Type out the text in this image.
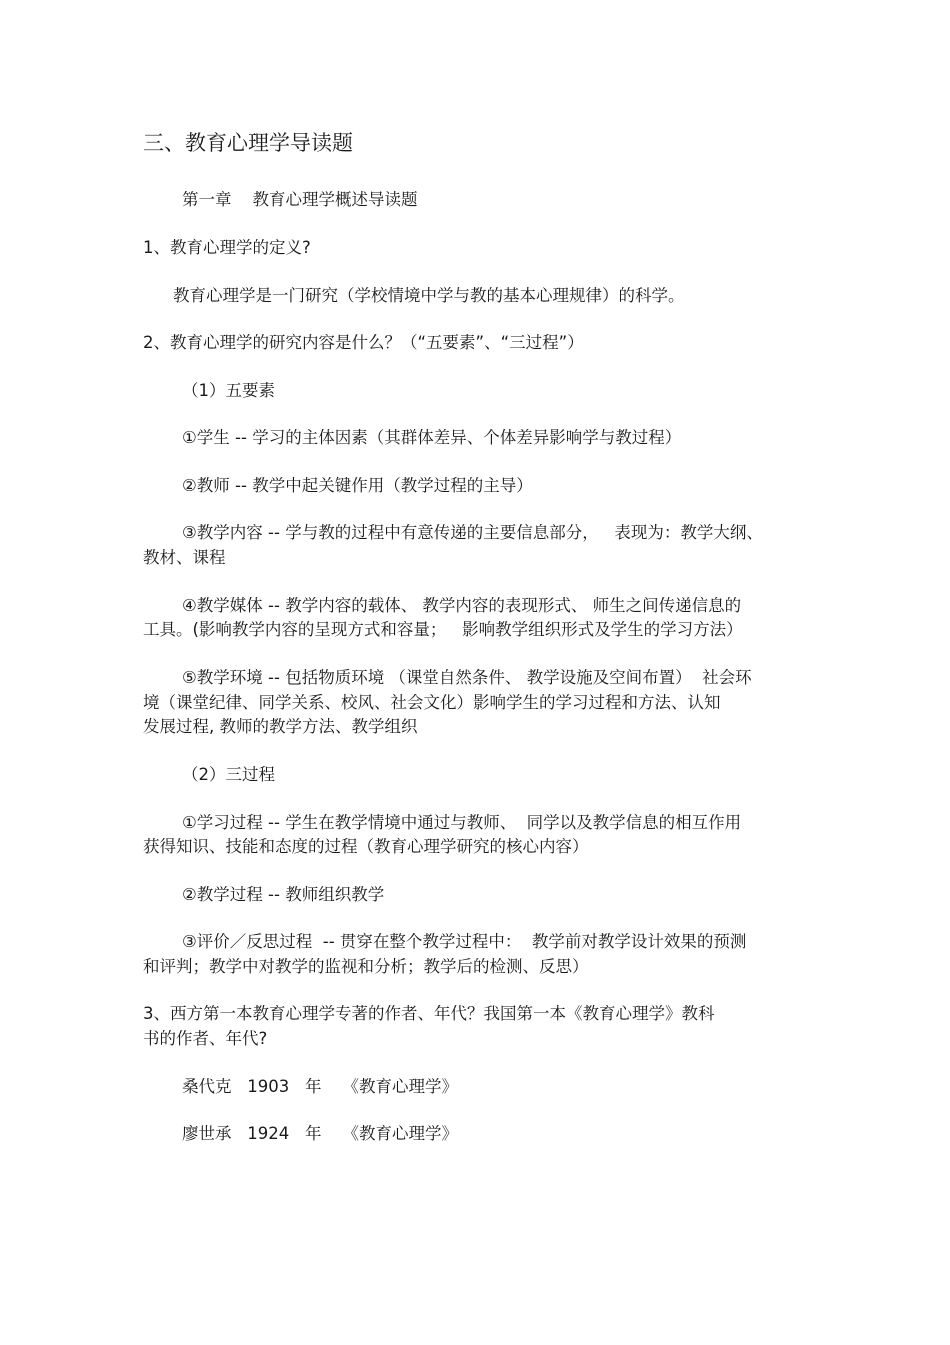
三、教育心理学导读题
第一章    教育心理学概述导读题
1、教育心理学的定义?
教育心理学是一门研究（学校情境中学与教的基本心理规律）的科学。
2、教育心理学的研究内容是什么？（“五要素”、“三过程”）
（1）五要素
①学生 -- 学习的主体因素（其群体差异、个体差异影响学与教过程）
②教师 -- 教学中起关键作用（教学过程的主导）
③教学内容 -- 学与教的过程中有意传递的主要信息部分，   表现为：教学大纲、
教材、课程
④教学媒体 -- 教学内容的载体、 教学内容的表现形式、 师生之间传递信息的
工具。(影响教学内容的呈现方式和容量；   影响教学组织形式及学生的学习方法）
⑤教学环境 -- 包括物质环境 （课堂自然条件、 教学设施及空间布置）  社会环
境（课堂纪律、同学关系、校风、社会文化）影响学生的学习过程和方法、认知
发展过程, 教师的教学方法、教学组织
（2）三过程
①学习过程 -- 学生在教学情境中通过与教师、  同学以及教学信息的相互作用
获得知识、技能和态度的过程（教育心理学研究的核心内容）
②教学过程 -- 教师组织教学
③评价／反思过程  -- 贯穿在整个教学过程中：  教学前对教学设计效果的预测
和评判；教学中对教学的监视和分析；教学后的检测、反思）
3、西方第一本教育心理学专著的作者、年代？我国第一本《教育心理学》教科
书的作者、年代?
桑代克   1903   年    《教育心理学》
廖世承   1924   年    《教育心理学》
